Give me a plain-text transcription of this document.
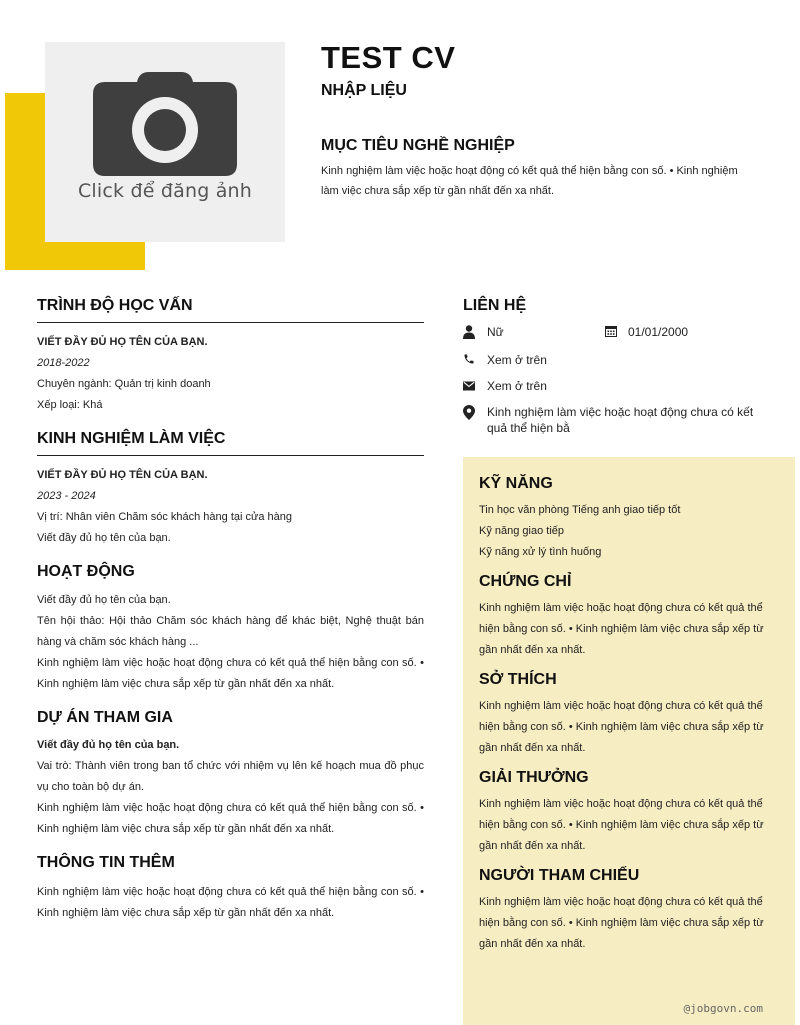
Click để đăng ảnh
TEST CV
NHẬP LIỆU
MỤC TIÊU NGHỀ NGHIỆP
Kinh nghiệm làm việc hoặc hoạt động có kết quả thể hiện bằng con số. • Kinh nghiệm làm việc chưa sắp xếp từ gần nhất đến xa nhất.
TRÌNH ĐỘ HỌC VẤN
VIẾT ĐẦY ĐỦ HỌ TÊN CỦA BẠN.
2018-2022
Chuyên ngành: Quản trị kinh doanh
Xếp loại: Khá
KINH NGHIỆM LÀM VIỆC
VIẾT ĐẦY ĐỦ HỌ TÊN CỦA BẠN.
2023 - 2024
Vị trí: Nhân viên Chăm sóc khách hàng tại cửa hàng
Viết đầy đủ họ tên của bạn.
HOẠT ĐỘNG
Viết đầy đủ họ tên của bạn.
Tên hội thảo: Hội thảo Chăm sóc khách hàng để khác biệt, Nghệ thuật bán hàng và chăm sóc khách hàng ...
Kinh nghiệm làm việc hoặc hoạt động chưa có kết quả thể hiện bằng con số. • Kinh nghiệm làm việc chưa sắp xếp từ gần nhất đến xa nhất.
DỰ ÁN THAM GIA
Viết đầy đủ họ tên của bạn.
Vai trò: Thành viên trong ban tổ chức với nhiệm vụ lên kế hoạch mua đồ phục vụ cho toàn bộ dự án.
Kinh nghiệm làm việc hoặc hoạt động chưa có kết quả thể hiện bằng con số. • Kinh nghiệm làm việc chưa sắp xếp từ gần nhất đến xa nhất.
THÔNG TIN THÊM
Kinh nghiệm làm việc hoặc hoạt động chưa có kết quả thể hiện bằng con số. • Kinh nghiệm làm việc chưa sắp xếp từ gần nhất đến xa nhất.
LIÊN HỆ
Nữ	01/01/2000
Xem ở trên
Xem ở trên
Kinh nghiệm làm việc hoặc hoạt động chưa có kết quả thể hiện bằ
KỸ NĂNG
Tin học văn phòng Tiếng anh giao tiếp tốt
Kỹ năng giao tiếp
Kỹ năng xử lý tình huống
CHỨNG CHỈ
Kinh nghiệm làm việc hoặc hoạt động chưa có kết quả thể hiện bằng con số. • Kinh nghiệm làm việc chưa sắp xếp từ gần nhất đến xa nhất.
SỞ THÍCH
Kinh nghiệm làm việc hoặc hoạt động chưa có kết quả thể hiện bằng con số. • Kinh nghiệm làm việc chưa sắp xếp từ gần nhất đến xa nhất.
GIẢI THƯỞNG
Kinh nghiệm làm việc hoặc hoạt động chưa có kết quả thể hiện bằng con số. • Kinh nghiệm làm việc chưa sắp xếp từ gần nhất đến xa nhất.
NGƯỜI THAM CHIẾU
Kinh nghiệm làm việc hoặc hoạt động chưa có kết quả thể hiện bằng con số. • Kinh nghiệm làm việc chưa sắp xếp từ gần nhất đến xa nhất.
@jobgovn.com
